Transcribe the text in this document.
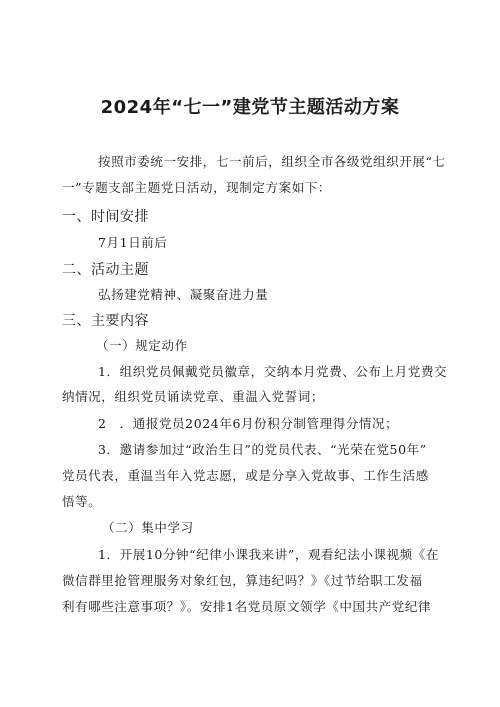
2024年“七一”建党节主题活动方案
按照市委统一安排，七一前后，组织全市各级党组织开展“七
一”专题支部主题党日活动，现制定方案如下：
一、时间安排
7月1日前后
二、活动主题
弘扬建党精神、凝聚奋进力量
三、主要内容
（一）规定动作
1．组织党员佩戴党员徽章，交纳本月党费、公布上月党费交
纳情况，组织党员诵读党章、重温入党誓词；
2　．通报党员2024年6月份积分制管理得分情况；
3．邀请参加过“政治生日”的党员代表、“光荣在党50年”
党员代表，重温当年入党志愿，或是分享入党故事、工作生活感
悟等。
（二）集中学习
1．开展10分钟“纪律小课我来讲”，观看纪法小课视频《在
微信群里抢管理服务对象红包，算违纪吗？》《过节给职工发福
利有哪些注意事项？》。安排1名党员原文领学《中国共产党纪律
